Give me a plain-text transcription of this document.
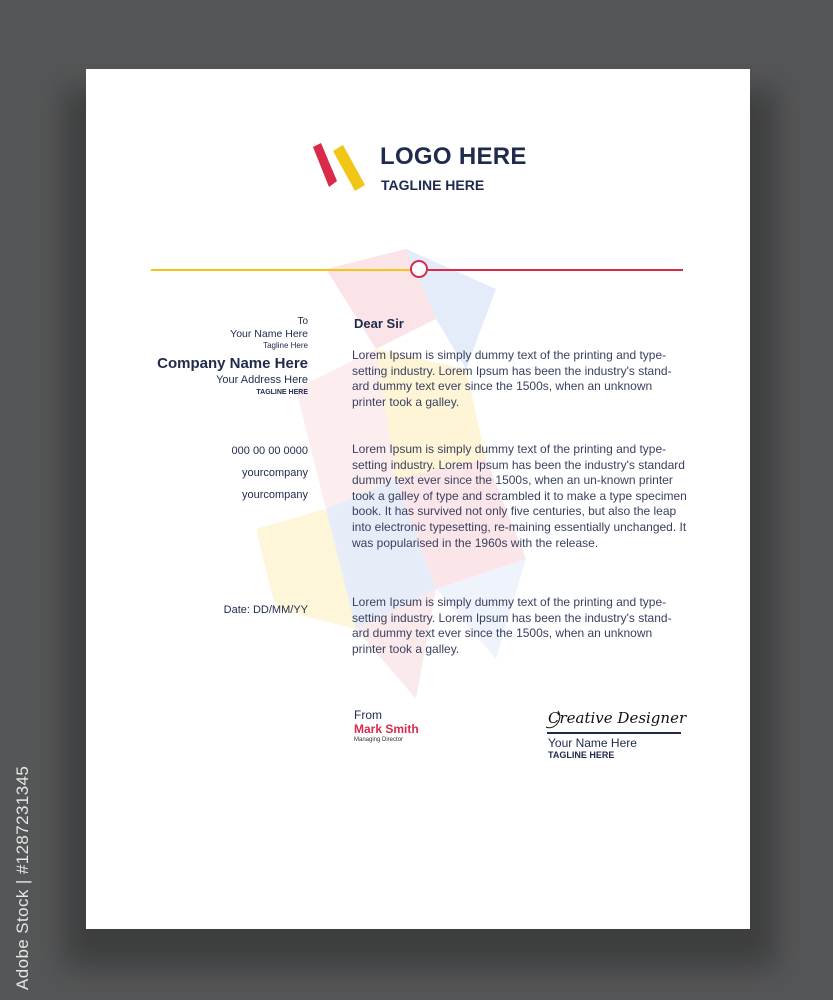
LOGO HERE
TAGLINE HERE
To
Your Name Here
Tagline Here
Company Name Here
Your Address Here
TAGLINE HERE
000 00 00 0000
yourcompany
yourcompany
Date: DD/MM/YY
Dear Sir

Lorem Ipsum is simply dummy text of the printing and type-setting industry. Lorem Ipsum has been the industry's stand-ard dummy text ever since the 1500s, when an unknown printer took a galley.

Lorem Ipsum is simply dummy text of the printing and type-setting industry. Lorem Ipsum has been the industry's standard dummy text ever since the 1500s, when an un-known printer took a galley of type and scrambled it to make a type specimen book. It has survived not only five centuries, but also the leap into electronic typesetting, re-maining essentially unchanged. It was popularised in the 1960s with the release.

Lorem Ipsum is simply dummy text of the printing and type-setting industry. Lorem Ipsum has been the industry's stand-ard dummy text ever since the 1500s, when an unknown printer took a galley.

From
Mark Smith
Managing Director
Creative Designer
Your Name Here
TAGLINE HERE
Adobe Stock | #1287231345
